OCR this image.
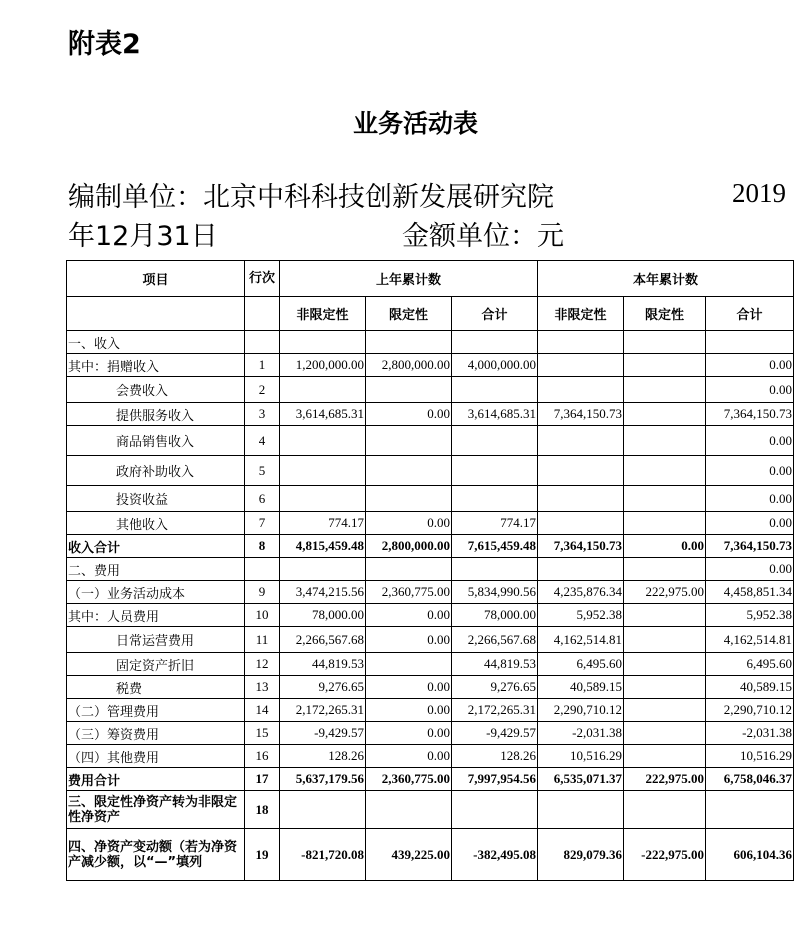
附表2
业务活动表
编制单位：北京中科科技创新发展研究院	2019
年12月31日	金额单位：元
项目	行次	上年累计数			本年累计数		
		非限定性	限定性	合计	非限定性	限定性	合计
一、收入							
其中：捐赠收入	1	1,200,000.00	2,800,000.00	4,000,000.00			0.00
会费收入	2						0.00
提供服务收入	3	3,614,685.31	0.00	3,614,685.31	7,364,150.73		7,364,150.73
商品销售收入	4						0.00
政府补助收入	5						0.00
投资收益	6						0.00
其他收入	7	774.17	0.00	774.17			0.00
收入合计	8	4,815,459.48	2,800,000.00	7,615,459.48	7,364,150.73	0.00	7,364,150.73
二、费用							0.00
（一）业务活动成本	9	3,474,215.56	2,360,775.00	5,834,990.56	4,235,876.34	222,975.00	4,458,851.34
其中：人员费用	10	78,000.00	0.00	78,000.00	5,952.38		5,952.38
日常运营费用	11	2,266,567.68	0.00	2,266,567.68	4,162,514.81		4,162,514.81
固定资产折旧	12	44,819.53		44,819.53	6,495.60		6,495.60
税费	13	9,276.65	0.00	9,276.65	40,589.15		40,589.15
（二）管理费用	14	2,172,265.31	0.00	2,172,265.31	2,290,710.12		2,290,710.12
（三）筹资费用	15	-9,429.57	0.00	-9,429.57	-2,031.38		-2,031.38
（四）其他费用	16	128.26	0.00	128.26	10,516.29		10,516.29
费用合计	17	5,637,179.56	2,360,775.00	7,997,954.56	6,535,071.37	222,975.00	6,758,046.37
三、限定性净资产转为非限定性净资产	18						
四、净资产变动额（若为净资产减少额，以“—”填列	19	-821,720.08	439,225.00	-382,495.08	829,079.36	-222,975.00	606,104.36
